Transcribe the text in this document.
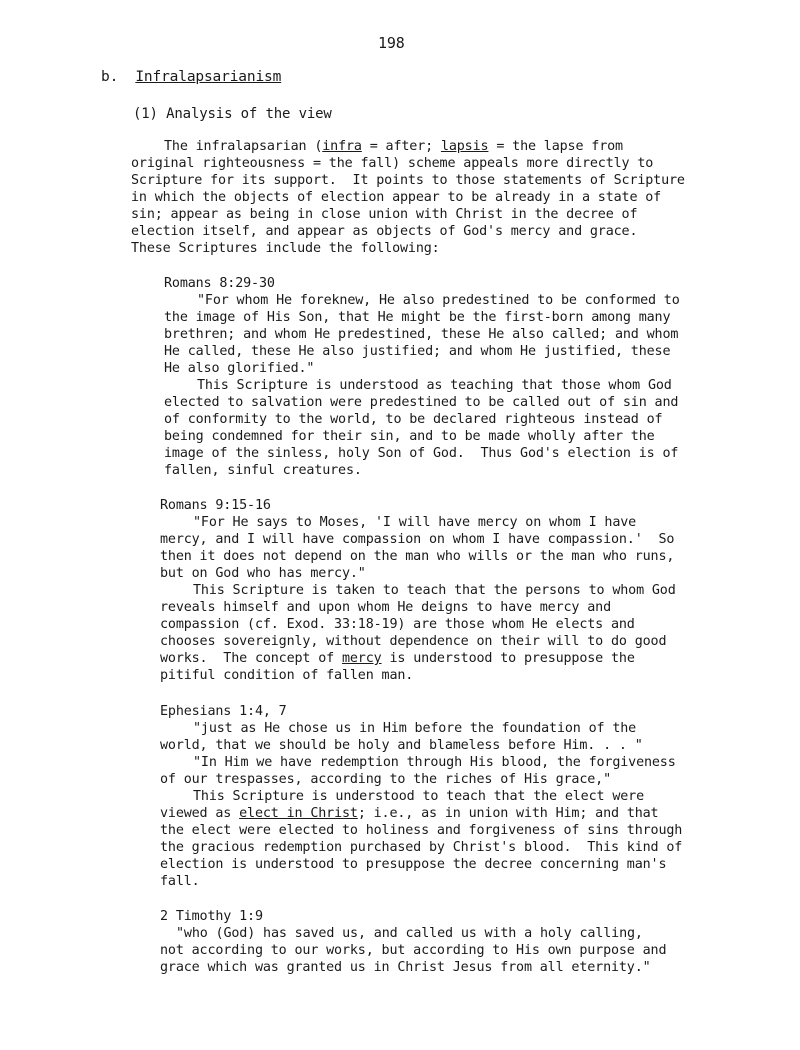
198
b. Infralapsarianism
(1) Analysis of the view
The infralapsarian (infra = after; lapsis = the lapse from
original righteousness = the fall) scheme appeals more directly to
Scripture for its support.  It points to those statements of Scripture
in which the objects of election appear to be already in a state of
sin; appear as being in close union with Christ in the decree of
election itself, and appear as objects of God's mercy and grace.
These Scriptures include the following:
Romans 8:29-30
"For whom He foreknew, He also predestined to be conformed to
the image of His Son, that He might be the first-born among many
brethren; and whom He predestined, these He also called; and whom
He called, these He also justified; and whom He justified, these
He also glorified."
This Scripture is understood as teaching that those whom God
elected to salvation were predestined to be called out of sin and
of conformity to the world, to be declared righteous instead of
being condemned for their sin, and to be made wholly after the
image of the sinless, holy Son of God.  Thus God's election is of
fallen, sinful creatures.
Romans 9:15-16
"For He says to Moses, 'I will have mercy on whom I have
mercy, and I will have compassion on whom I have compassion.'  So
then it does not depend on the man who wills or the man who runs,
but on God who has mercy."
This Scripture is taken to teach that the persons to whom God
reveals himself and upon whom He deigns to have mercy and
compassion (cf. Exod. 33:18-19) are those whom He elects and
chooses sovereignly, without dependence on their will to do good
works.  The concept of mercy is understood to presuppose the
pitiful condition of fallen man.
Ephesians 1:4, 7
"just as He chose us in Him before the foundation of the
world, that we should be holy and blameless before Him. . . "
"In Him we have redemption through His blood, the forgiveness
of our trespasses, according to the riches of His grace,"
This Scripture is understood to teach that the elect were
viewed as elect in Christ; i.e., as in union with Him; and that
the elect were elected to holiness and forgiveness of sins through
the gracious redemption purchased by Christ's blood.  This kind of
election is understood to presuppose the decree concerning man's
fall.
2 Timothy 1:9
"who (God) has saved us, and called us with a holy calling,
not according to our works, but according to His own purpose and
grace which was granted us in Christ Jesus from all eternity."
